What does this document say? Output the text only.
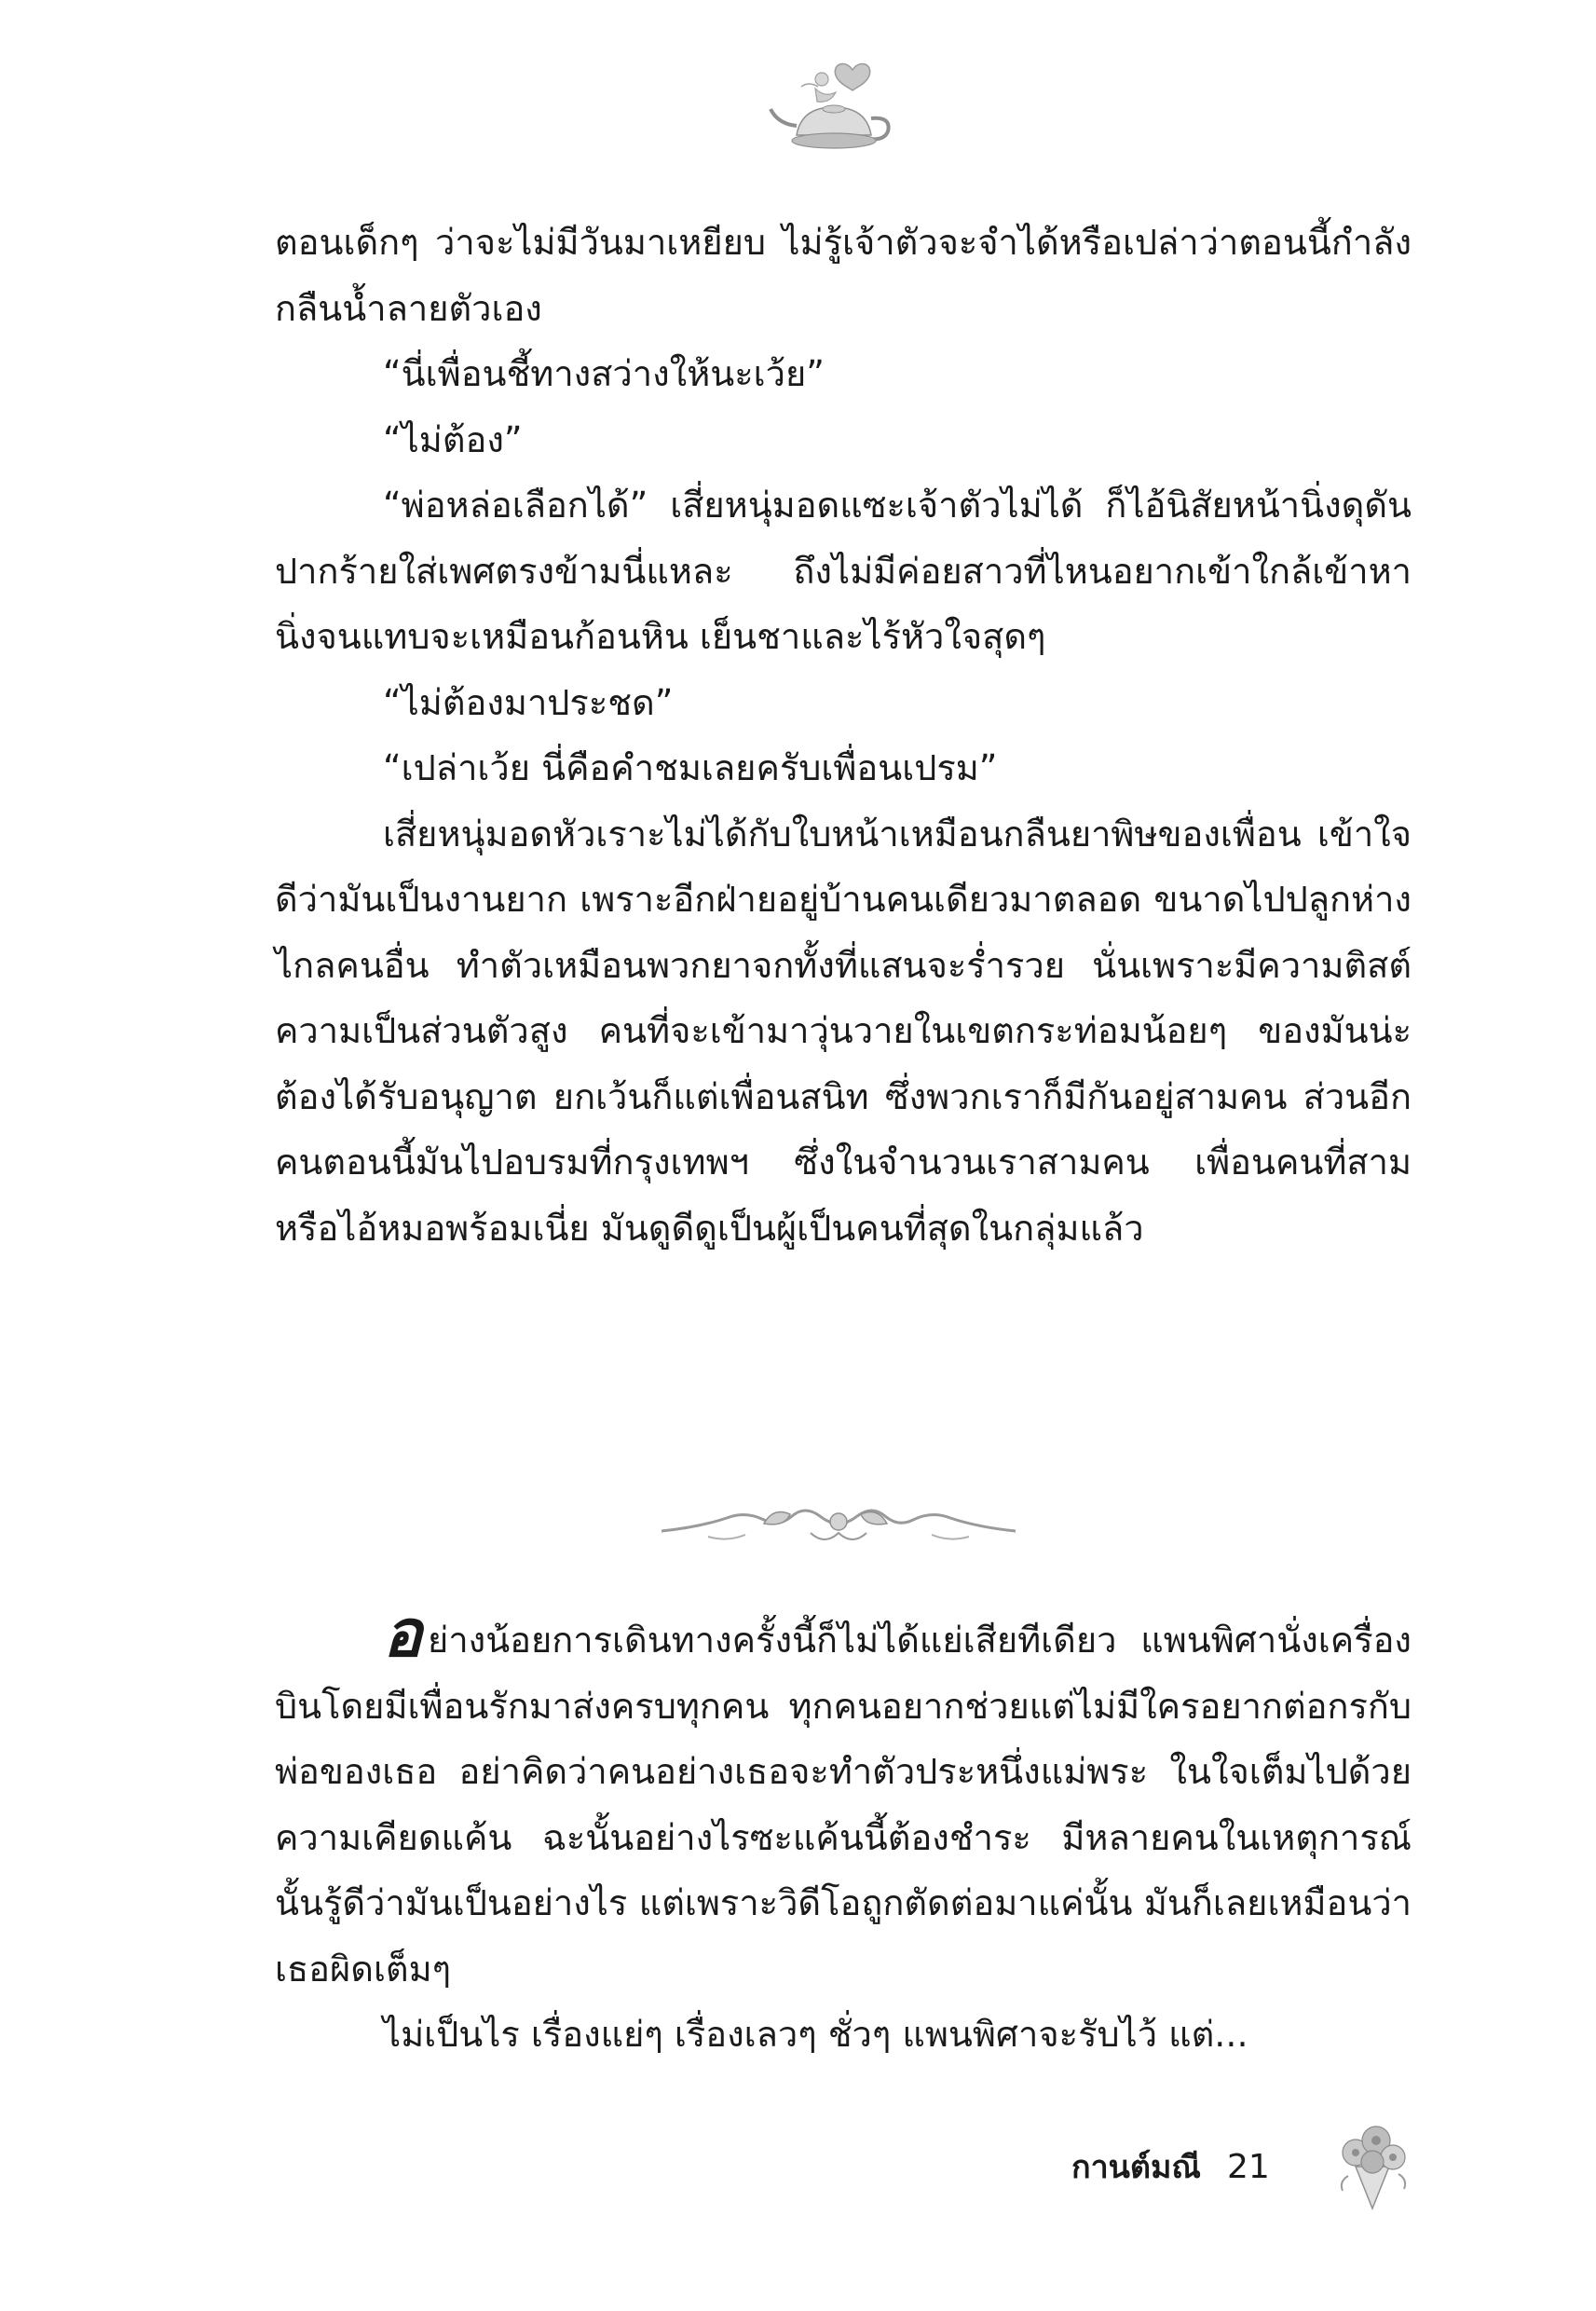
ตอนเด็กๆ ว่าจะไม่มีวันมาเหยียบ ไม่รู้เจ้าตัวจะจำได้หรือเปล่าว่าตอนนี้กำลังกลืนน้ำลายตัวเอง

“นี่เพื่อนชี้ทางสว่างให้นะเว้ย”

“ไม่ต้อง”

“พ่อหล่อเลือกได้” เสี่ยหนุ่มอดแซะเจ้าตัวไม่ได้ ก็ไอ้นิสัยหน้านิ่งดุดันปากร้ายใส่เพศตรงข้ามนี่แหละ ถึงไม่มีค่อยสาวที่ไหนอยากเข้าใกล้เข้าหา นิ่งจนแทบจะเหมือนก้อนหิน เย็นชาและไร้หัวใจสุดๆ

“ไม่ต้องมาประชด”

“เปล่าเว้ย นี่คือคำชมเลยครับเพื่อนเปรม”

เสี่ยหนุ่มอดหัวเราะไม่ได้กับใบหน้าเหมือนกลืนยาพิษของเพื่อน เข้าใจดีว่ามันเป็นงานยาก เพราะอีกฝ่ายอยู่บ้านคนเดียวมาตลอด ขนาดไปปลูกห่างไกลคนอื่น ทำตัวเหมือนพวกยาจกทั้งที่แสนจะร่ำรวย นั่นเพราะมีความติสต์ความเป็นส่วนตัวสูง คนที่จะเข้ามาวุ่นวายในเขตกระท่อมน้อยๆ ของมันน่ะต้องได้รับอนุญาต ยกเว้นก็แต่เพื่อนสนิท ซึ่งพวกเราก็มีกันอยู่สามคน ส่วนอีกคนตอนนี้มันไปอบรมที่กรุงเทพฯ ซึ่งในจำนวนเราสามคน เพื่อนคนที่สาม หรือไอ้หมอพร้อมเนี่ย มันดูดีดูเป็นผู้เป็นคนที่สุดในกลุ่มแล้ว

อย่างน้อยการเดินทางครั้งนี้ก็ไม่ได้แย่เสียทีเดียว แพนพิศานั่งเครื่องบินโดยมีเพื่อนรักมาส่งครบทุกคน ทุกคนอยากช่วยแต่ไม่มีใครอยากต่อกรกับพ่อของเธอ อย่าคิดว่าคนอย่างเธอจะทำตัวประหนึ่งแม่พระ ในใจเต็มไปด้วยความเคียดแค้น ฉะนั้นอย่างไรซะแค้นนี้ต้องชำระ มีหลายคนในเหตุการณ์นั้นรู้ดีว่ามันเป็นอย่างไร แต่เพราะวิดีโอถูกตัดต่อมาแค่นั้น มันก็เลยเหมือนว่าเธอผิดเต็มๆ

ไม่เป็นไร เรื่องแย่ๆ เรื่องเลวๆ ชั่วๆ แพนพิศาจะรับไว้ แต่...

กานต์มณี 21
